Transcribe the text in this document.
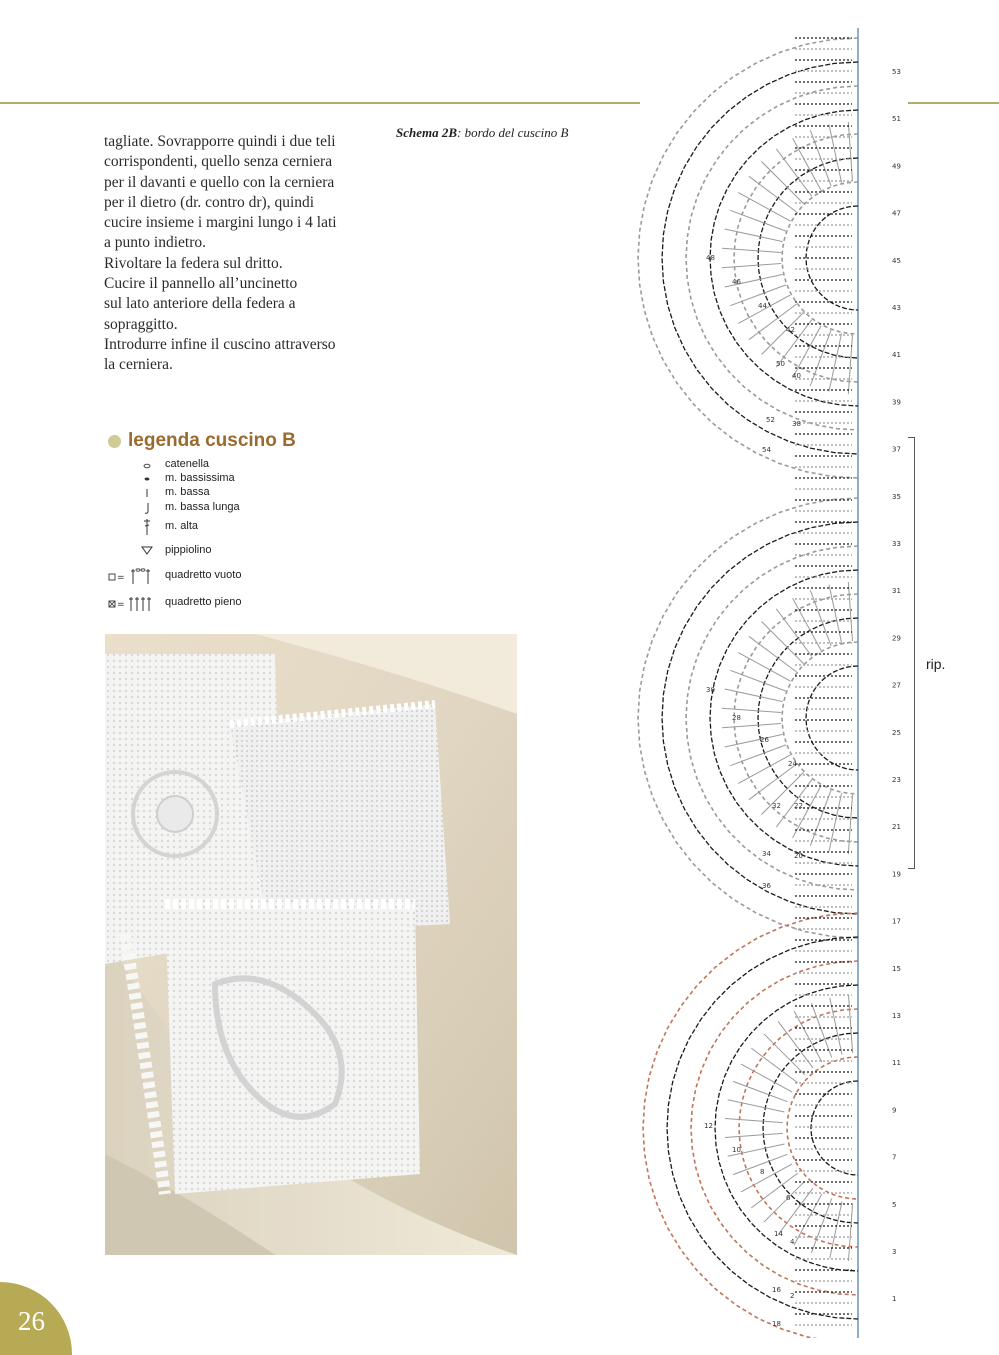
tagliate. Sovrapporre quindi i due teli

corrispondenti, quello senza cerniera

per il davanti e quello con la cerniera

per il dietro (dr. contro dr), quindi

cucire insieme i margini lungo i 4 lati

a punto indietro.

Rivoltare la federa sul dritto.

Cucire il pannello all’uncinetto

sul lato anteriore della federa a

sopraggitto.

Introdurre infine il cuscino attraverso

la cerniera.

Schema 2B: bordo del cuscino B
legenda cuscino B
catenella
m. bassissima
m. bassa
m. bassa lunga
m. alta
pippiolino
=	quadretto vuoto
=	quadretto pieno
53
51
49
47
45
43
41
39
37
35
33
31
29
27
25
23
21
19
17
15
13
11
9
7
5
3
1
48
46
44
42
40
38
50
52
54
30
28
26
24
22
20
32
34
36
12
10
8
6
4
2
14
16
18
rip.
26
